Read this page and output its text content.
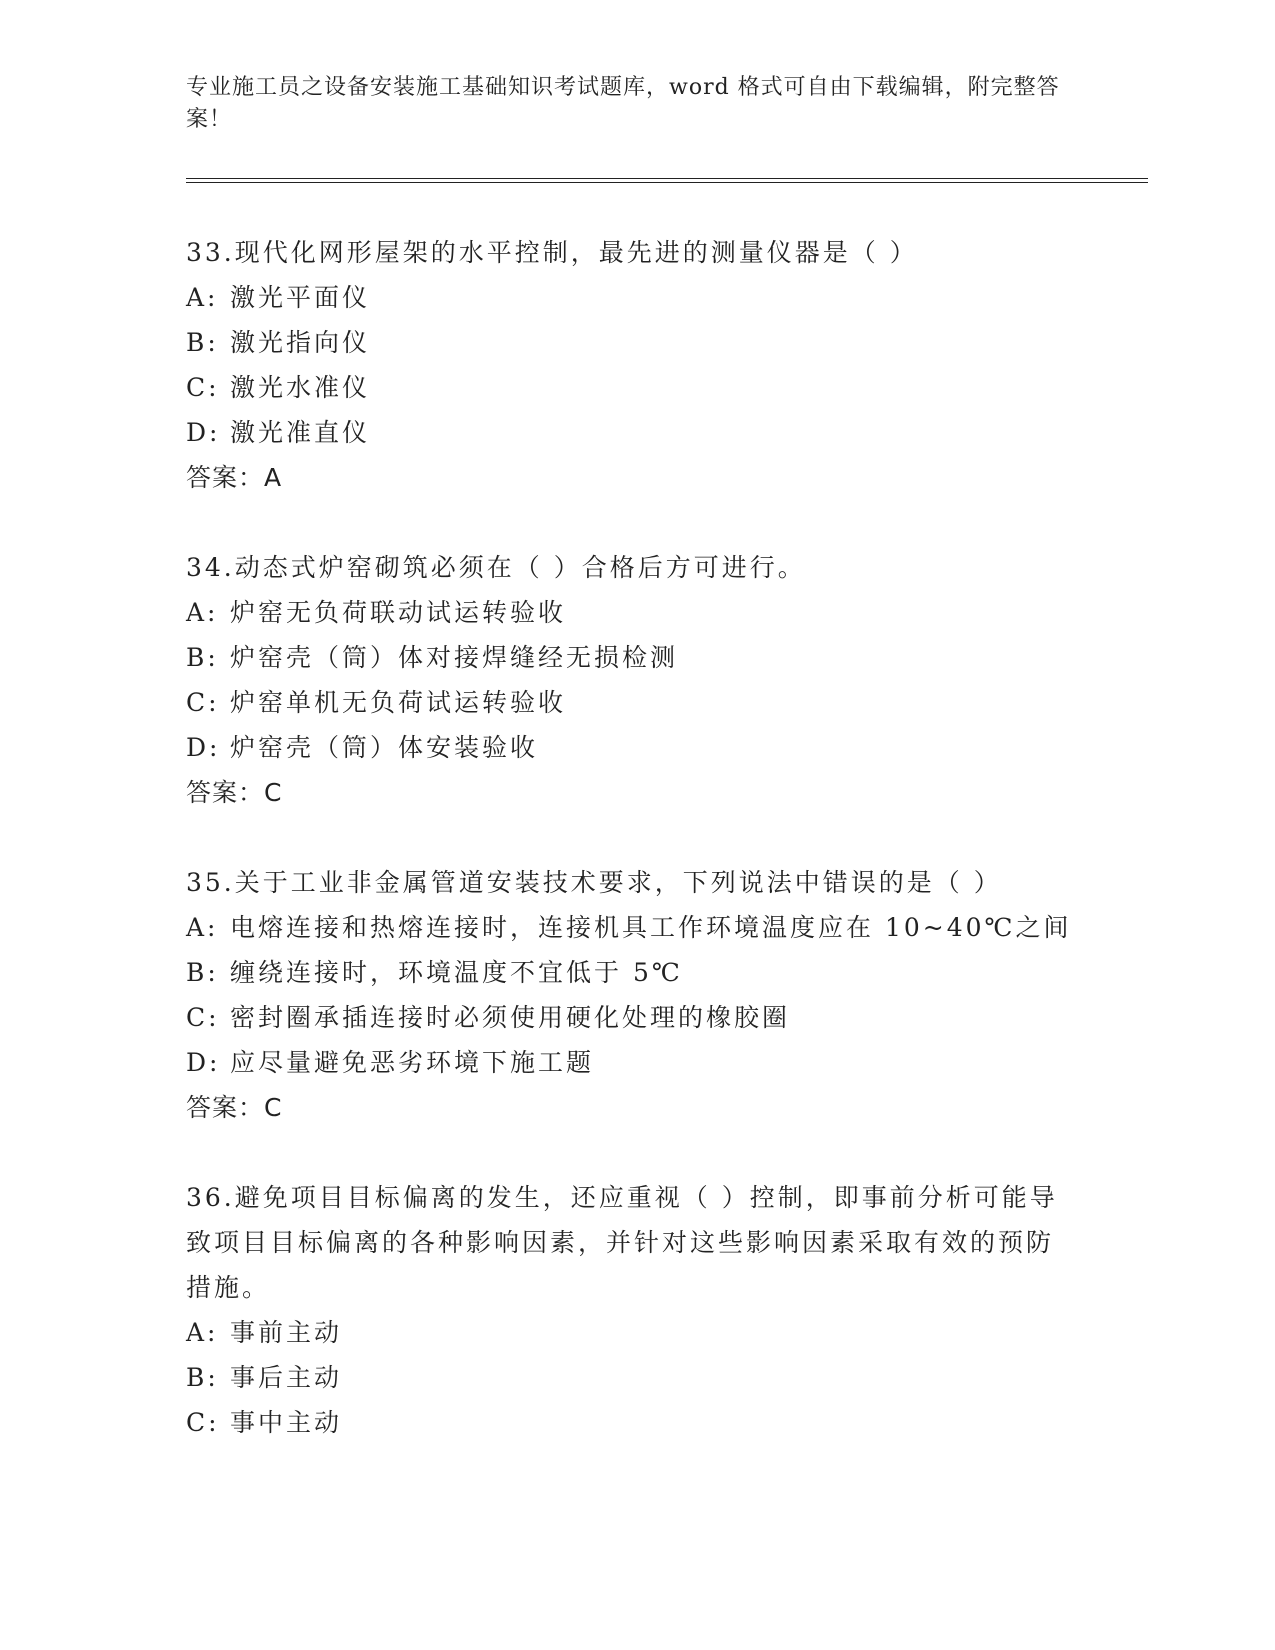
专业施工员之设备安装施工基础知识考试题库，word 格式可自由下载编辑，附完整答案！

33.现代化网形屋架的水平控制，最先进的测量仪器是（ ）

A: 激光平面仪

B: 激光指向仪

C: 激光水准仪

D: 激光准直仪

答案：A

34.动态式炉窑砌筑必须在（ ）合格后方可进行。

A: 炉窑无负荷联动试运转验收

B: 炉窑壳（筒）体对接焊缝经无损检测

C: 炉窑单机无负荷试运转验收

D: 炉窑壳（筒）体安装验收

答案：C

35.关于工业非金属管道安装技术要求，下列说法中错误的是（ ）

A: 电熔连接和热熔连接时，连接机具工作环境温度应在 10~40℃之间

B: 缠绕连接时，环境温度不宜低于 5℃

C: 密封圈承插连接时必须使用硬化处理的橡胶圈

D: 应尽量避免恶劣环境下施工题

答案：C

36.避免项目目标偏离的发生，还应重视（ ）控制，即事前分析可能导致项目目标偏离的各种影响因素，并针对这些影响因素采取有效的预防措施。

A: 事前主动

B: 事后主动

C: 事中主动
